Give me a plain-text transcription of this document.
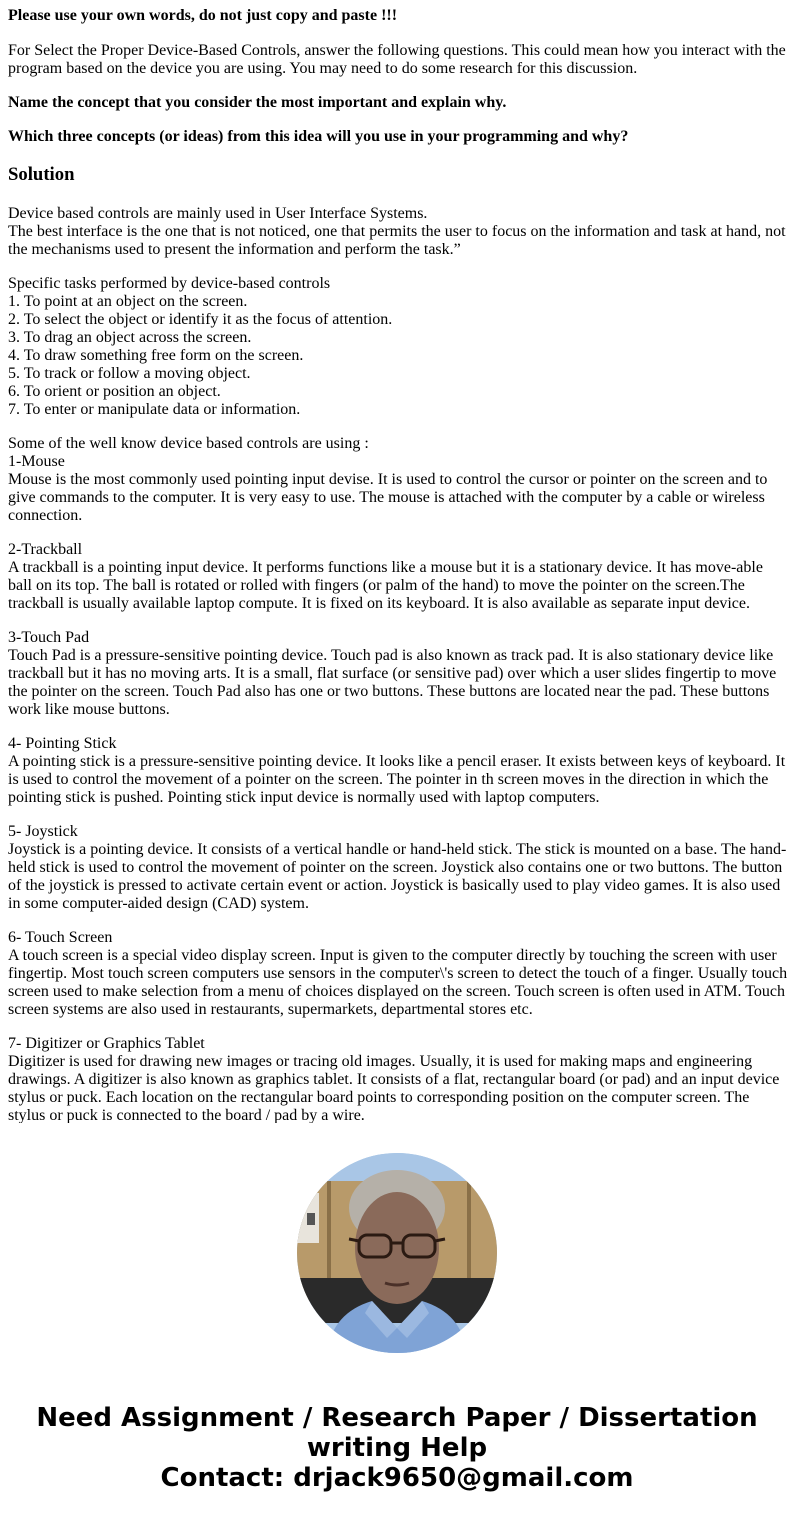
Please use your own words, do not just copy and paste !!!

For Select the Proper Device-Based Controls, answer the following questions. This could mean how you interact with the program based on the device you are using. You may need to do some research for this discussion.

Name the concept that you consider the most important and explain why.

Which three concepts (or ideas) from this idea will you use in your programming and why?

Solution
Device based controls are mainly used in User Interface Systems.
The best interface is the one that is not noticed, one that permits the user to focus on the information and task at hand, not the mechanisms used to present the information and perform the task.”
Specific tasks performed by device-based controls
1. To point at an object on the screen.
2. To select the object or identify it as the focus of attention.
3. To drag an object across the screen.
4. To draw something free form on the screen.
5. To track or follow a moving object.
6. To orient or position an object.
7. To enter or manipulate data or information.
Some of the well know device based controls are using :
1-Mouse
Mouse is the most commonly used pointing input devise. It is used to control the cursor or pointer on the screen and to give commands to the computer. It is very easy to use. The mouse is attached with the computer by a cable or wireless connection.
2-Trackball
A trackball is a pointing input device. It performs functions like a mouse but it is a stationary device. It has move-able ball on its top. The ball is rotated or rolled with fingers (or palm of the hand) to move the pointer on the screen.The trackball is usually available laptop compute. It is fixed on its keyboard. It is also available as separate input device.
3-Touch Pad
Touch Pad is a pressure-sensitive pointing device. Touch pad is also known as track pad. It is also stationary device like trackball but it has no moving arts. It is a small, flat surface (or sensitive pad) over which a user slides fingertip to move the pointer on the screen. Touch Pad also has one or two buttons. These buttons are located near the pad. These buttons work like mouse buttons.
4- Pointing Stick
A pointing stick is a pressure-sensitive pointing device. It looks like a pencil eraser. It exists between keys of keyboard. It is used to control the movement of a pointer on the screen. The pointer in th screen moves in the direction in which the pointing stick is pushed. Pointing stick input device is normally used with laptop computers.
5- Joystick
Joystick is a pointing device. It consists of a vertical handle or hand-held stick. The stick is mounted on a base. The hand-held stick is used to control the movement of pointer on the screen. Joystick also contains one or two buttons. The button of the joystick is pressed to activate certain event or action. Joystick is basically used to play video games. It is also used in some computer-aided design (CAD) system.
6- Touch Screen
A touch screen is a special video display screen. Input is given to the computer directly by touching the screen with user fingertip. Most touch screen computers use sensors in the computer\'s screen to detect the touch of a finger. Usually touch screen used to make selection from a menu of choices displayed on the screen. Touch screen is often used in ATM. Touch screen systems are also used in restaurants, supermarkets, departmental stores etc.
7- Digitizer or Graphics Tablet
Digitizer is used for drawing new images or tracing old images. Usually, it is used for making maps and engineering drawings. A digitizer is also known as graphics tablet. It consists of a flat, rectangular board (or pad) and an input device stylus or puck. Each location on the rectangular board points to corresponding position on the computer screen. The stylus or puck is connected to the board / pad by a wire.
Need Assignment / Research Paper / Dissertation
writing Help
Contact: drjack9650@gmail.com
